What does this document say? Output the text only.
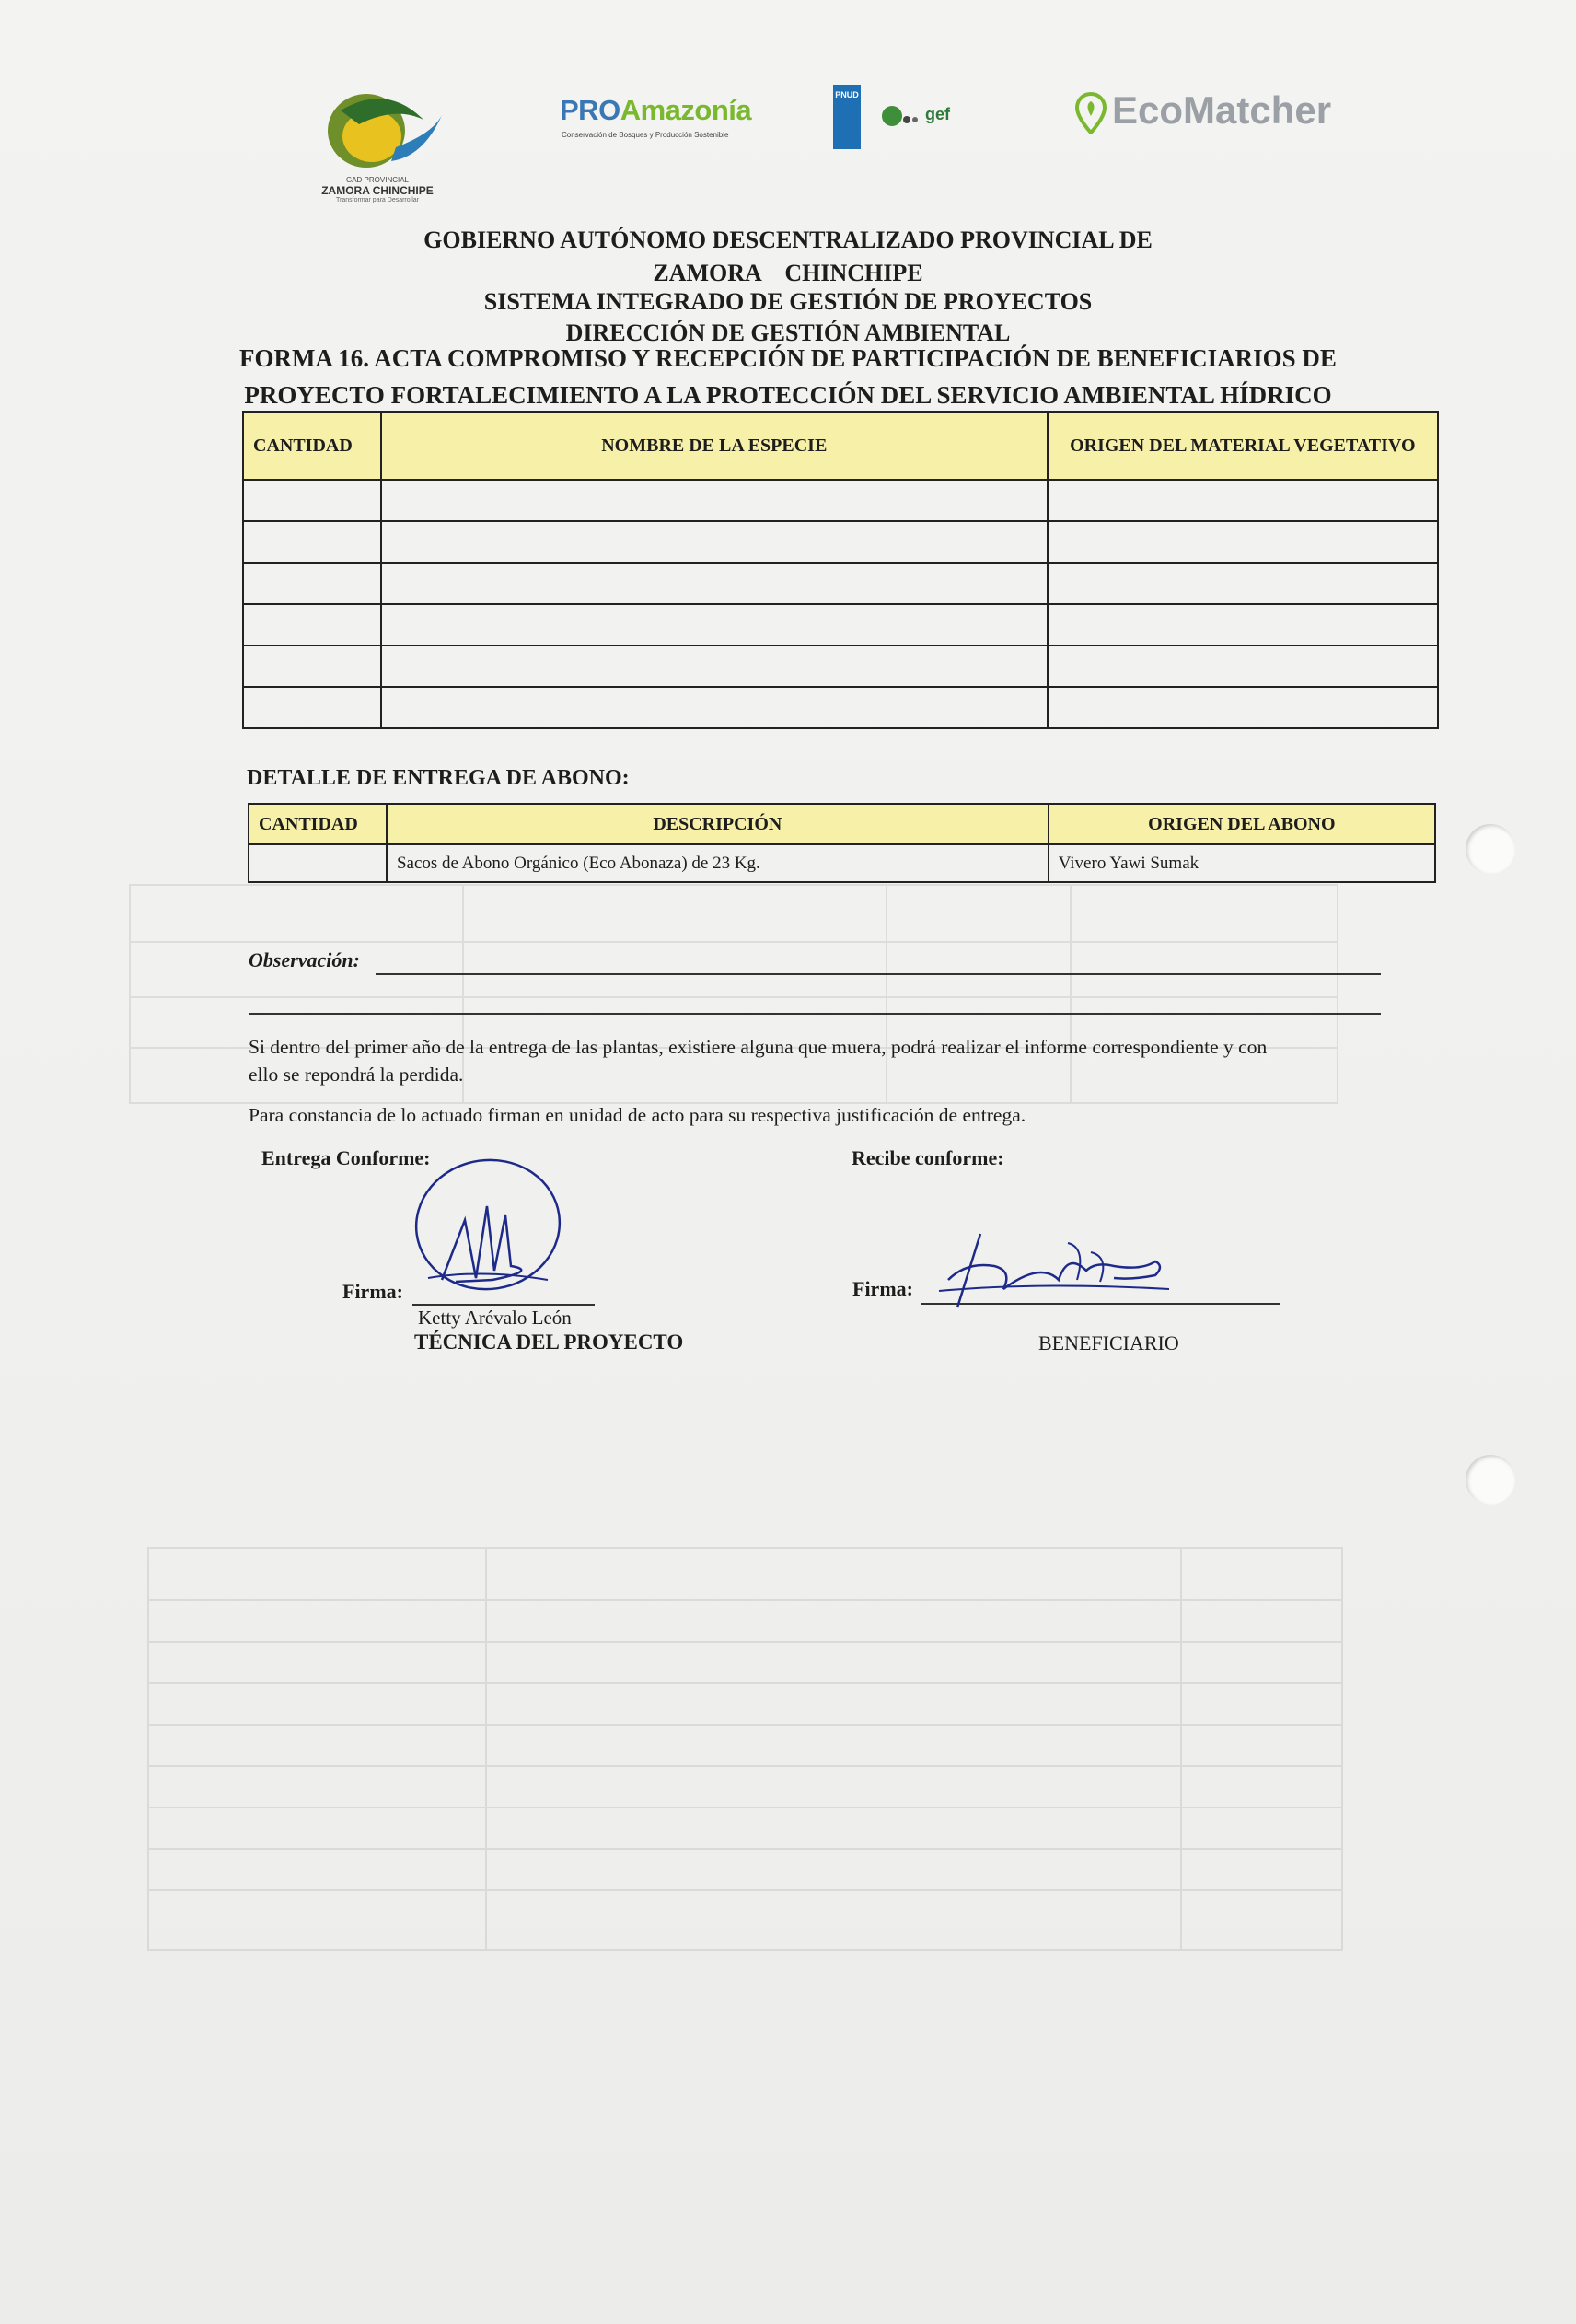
GAD PROVINCIAL
ZAMORA CHINCHIPE
Transformar para Desarrollar
PROAmazonía
Conservación de Bosques y Producción Sostenible
PNUD
gef	EcoMatcher
GOBIERNO AUTÓNOMO DESCENTRALIZADO PROVINCIAL DE
ZAMORA    CHINCHIPE
SISTEMA INTEGRADO DE GESTIÓN DE PROYECTOS
DIRECCIÓN DE GESTIÓN AMBIENTAL
FORMA 16. ACTA COMPROMISO Y RECEPCIÓN DE PARTICIPACIÓN DE BENEFICIARIOS DE
PROYECTO FORTALECIMIENTO A LA PROTECCIÓN DEL SERVICIO AMBIENTAL HÍDRICO
CANTIDAD	NOMBRE DE LA ESPECIE	ORIGEN DEL MATERIAL VEGETATIVO

DETALLE DE ENTREGA DE ABONO:
CANTIDAD	DESCRIPCIÓN	ORIGEN DEL ABONO
	Sacos de Abono Orgánico (Eco Abonaza) de 23 Kg.	Vivero Yawi Sumak
Observación:
Si dentro del primer año de la entrega de las plantas, existiere alguna que muera, podrá realizar el informe correspondiente y con
ello se repondrá la perdida.
Para constancia de lo actuado firman en unidad de acto para su respectiva justificación de entrega.
Entrega Conforme:	Recibe conforme:
Firma:	Firma:
Ketty Arévalo León
TÉCNICA DEL PROYECTO	BENEFICIARIO
